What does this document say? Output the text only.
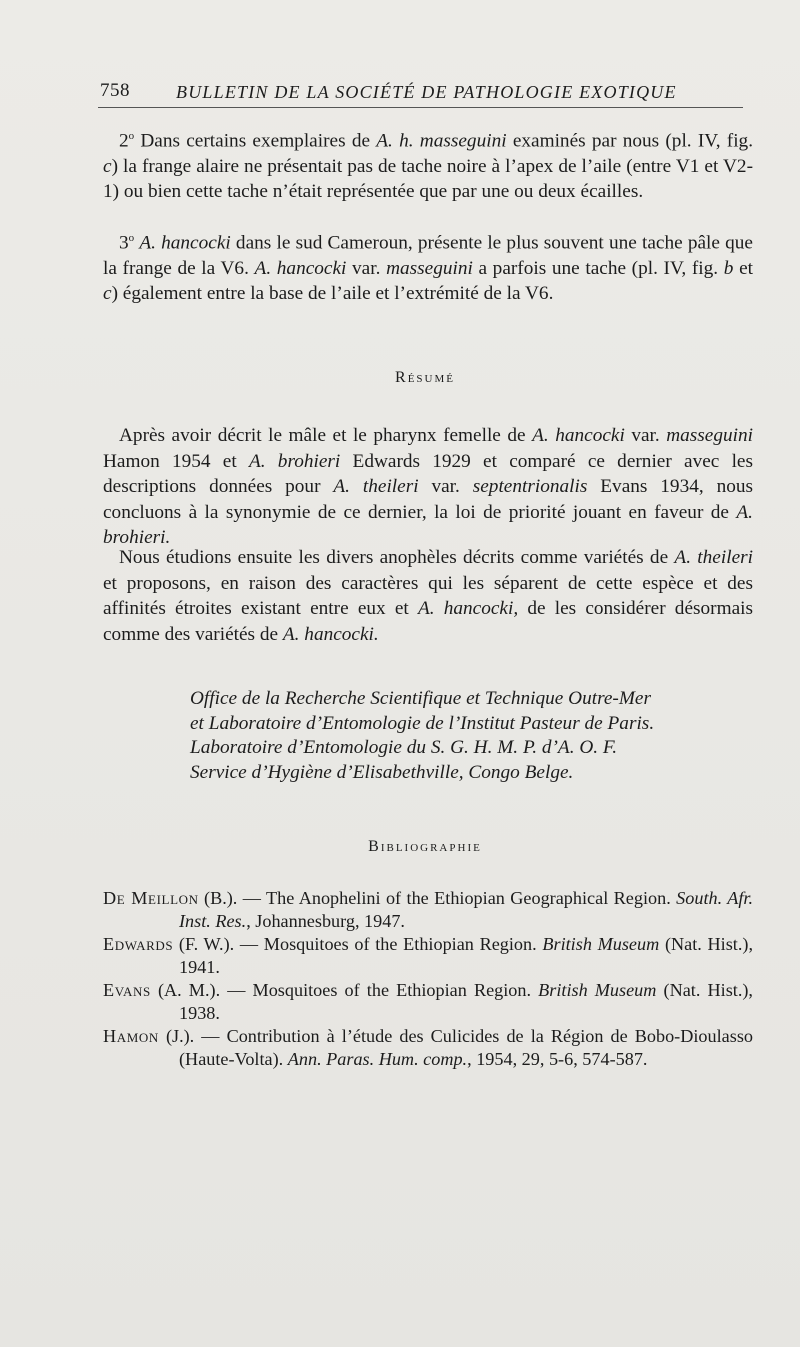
758	BULLETIN DE LA SOCIÉTÉ DE PATHOLOGIE EXOTIQUE
2$^o$ Dans certains exemplaires de A. h. masseguini examinés par nous (pl. IV, fig. c) la frange alaire ne présentait pas de tache noire à l’apex de l’aile (entre V1 et V2-1) ou bien cette tache n’était représentée que par une ou deux écailles.
3$^o$ A. hancocki dans le sud Cameroun, présente le plus souvent une tache pâle que la frange de la V6. A. hancocki var. masseguini a parfois une tache (pl. IV, fig. b et c) également entre la base de l’aile et l’extrémité de la V6.
Résumé
Après avoir décrit le mâle et le pharynx femelle de A. hancocki var. masseguini Hamon 1954 et A. brohieri Edwards 1929 et comparé ce dernier avec les descriptions données pour A. theileri var. septentrionalis Evans 1934, nous concluons à la synonymie de ce dernier, la loi de priorité jouant en faveur de A. brohieri.
Nous étudions ensuite les divers anophèles décrits comme variétés de A. theileri et proposons, en raison des caractères qui les séparent de cette espèce et des affinités étroites existant entre eux et A. hancocki, de les considérer désormais comme des variétés de A. hancocki.
Office de la Recherche Scientifique et Technique Outre-Mer
et Laboratoire d’Entomologie de l’Institut Pasteur de Paris.
Laboratoire d’Entomologie du S. G. H. M. P. d’A. O. F.
Service d’Hygiène d’Elisabethville, Congo Belge.
Bibliographie
De Meillon (B.). — The Anophelini of the Ethiopian Geographical Region. South. Afr. Inst. Res., Johannesburg, 1947.
Edwards (F. W.). — Mosquitoes of the Ethiopian Region. British Museum (Nat. Hist.), 1941.
Evans (A. M.). — Mosquitoes of the Ethiopian Region. British Museum (Nat. Hist.), 1938.
Hamon (J.). — Contribution à l’étude des Culicides de la Région de Bobo-Dioulasso (Haute-Volta). Ann. Paras. Hum. comp., 1954, 29, 5-6, 574-587.
